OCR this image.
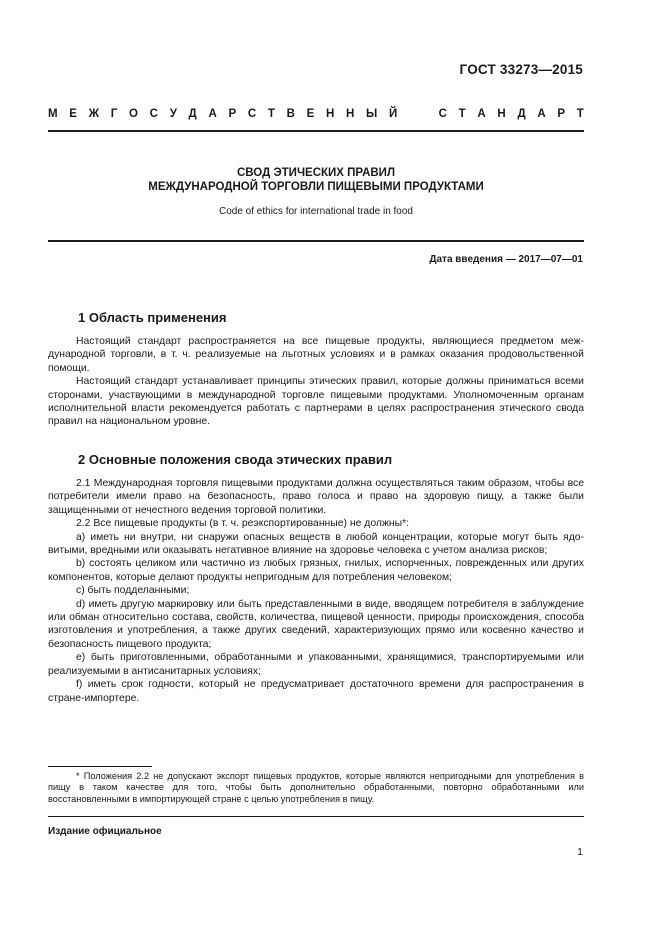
ГОСТ 33273—2015
М Е Ж Г О С У Д А Р С Т В Е Н Н Ы Й	С Т А Н Д А Р Т
СВОД ЭТИЧЕСКИХ ПРАВИЛ
МЕЖДУНАРОДНОЙ ТОРГОВЛИ ПИЩЕВЫМИ ПРОДУКТАМИ
Code of ethics for international trade in food
Дата введения — 2017—07—01
1 Область применения

Настоящий стандарт распространяется на все пищевые продукты, являющиеся предметом международной торговли, в т. ч. реализуемые на льготных условиях и в рамках оказания продовольственной помощи.

Настоящий стандарт устанавливает принципы этических правил, которые должны приниматься всеми сторонами, участвующими в международной торговле пищевыми продуктами. Уполномоченным органам исполнительной власти рекомендуется работать с партнерами в целях распространения этического свода правил на национальном уровне.

2 Основные положения свода этических правил

2.1 Международная торговля пищевыми продуктами должна осуществляться таким образом, чтобы все потребители имели право на безопасность, право голоса и право на здоровую пищу, а также были защищенными от нечестного ведения торговой политики.

2.2 Все пищевые продукты (в т. ч. реэкспортированные) не должны*:

а) иметь ни внутри, ни снаружи опасных веществ в любой концентрации, которые могут быть ядовитыми, вредными или оказывать негативное влияние на здоровье человека с учетом анализа рисков;

b) состоять целиком или частично из любых грязных, гнилых, испорченных, поврежденных или других компонентов, которые делают продукты непригодным для потребления человеком;

с) быть подделанными;

d) иметь другую маркировку или быть представленными в виде, вводящем потребителя в заблуждение или обман относительно состава, свойств, количества, пищевой ценности, природы происхождения, способа изготовления и употребления, а также других сведений, характеризующих прямо или косвенно качество и безопасность пищевого продукта;

е) быть приготовленными, обработанными и упакованными, хранящимися, транспортируемыми или реализуемыми в антисанитарных условиях;

f) иметь срок годности, который не предусматривает достаточного времени для распространения в стране-импортере.

* Положения 2.2 не допускают экспорт пищевых продуктов, которые являются непригодными для употребления в пищу в таком качестве для того, чтобы быть дополнительно обработанными, повторно обработанными или восстановленными в импортирующей стране с целью употребления в пищу.

Издание официальное
1
